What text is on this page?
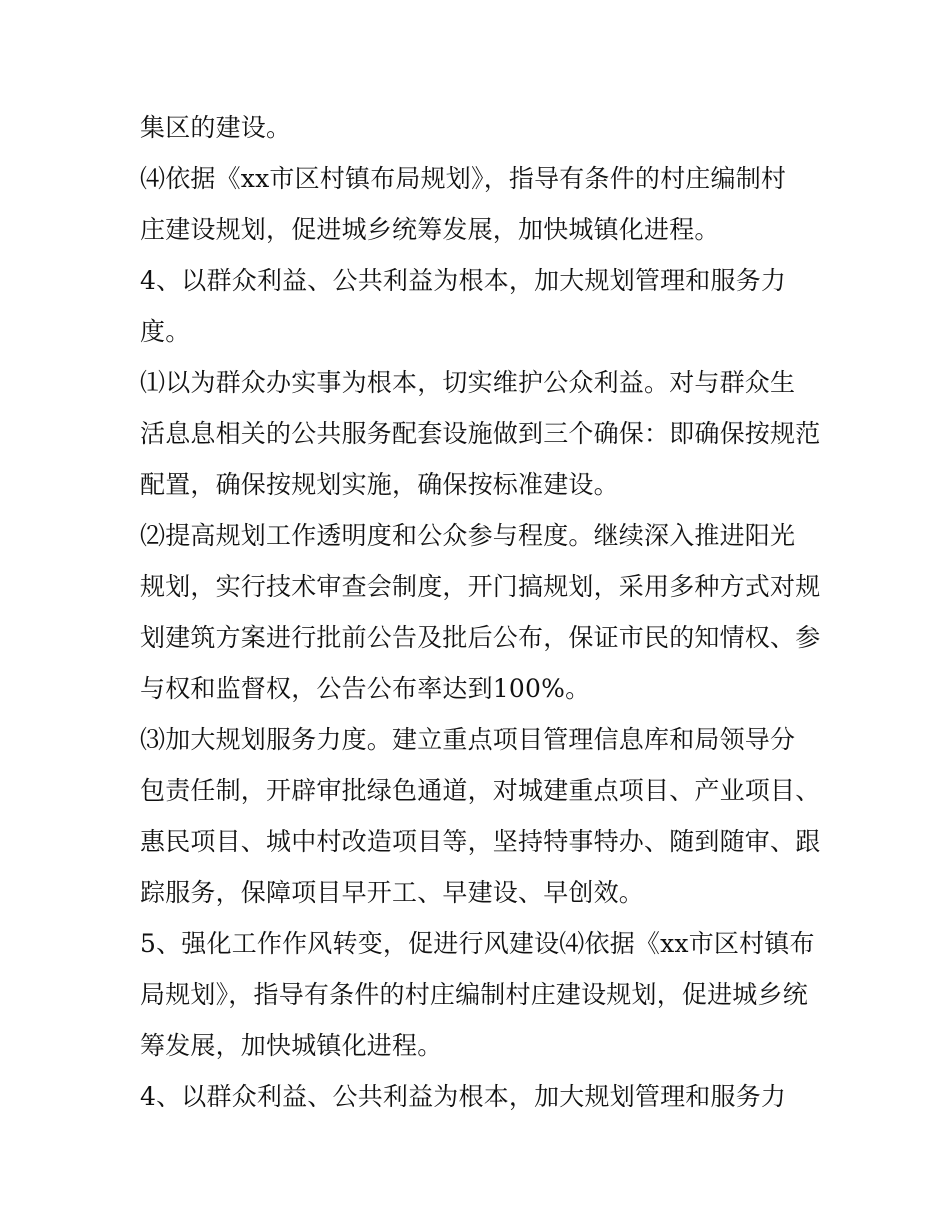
集区的建设。
⑷依据《xx市区村镇布局规划》，指导有条件的村庄编制村
庄建设规划，促进城乡统筹发展，加快城镇化进程。
4、以群众利益、公共利益为根本，加大规划管理和服务力
度。
⑴以为群众办实事为根本，切实维护公众利益。对与群众生
活息息相关的公共服务配套设施做到三个确保：即确保按规范
配置，确保按规划实施，确保按标准建设。
⑵提高规划工作透明度和公众参与程度。继续深入推进阳光
规划，实行技术审查会制度，开门搞规划，采用多种方式对规
划建筑方案进行批前公告及批后公布，保证市民的知情权、参
与权和监督权，公告公布率达到100%。
⑶加大规划服务力度。建立重点项目管理信息库和局领导分
包责任制，开辟审批绿色通道，对城建重点项目、产业项目、
惠民项目、城中村改造项目等，坚持特事特办、随到随审、跟
踪服务，保障项目早开工、早建设、早创效。
5、强化工作作风转变，促进行风建设⑷依据《xx市区村镇布
局规划》，指导有条件的村庄编制村庄建设规划，促进城乡统
筹发展，加快城镇化进程。
4、以群众利益、公共利益为根本，加大规划管理和服务力
